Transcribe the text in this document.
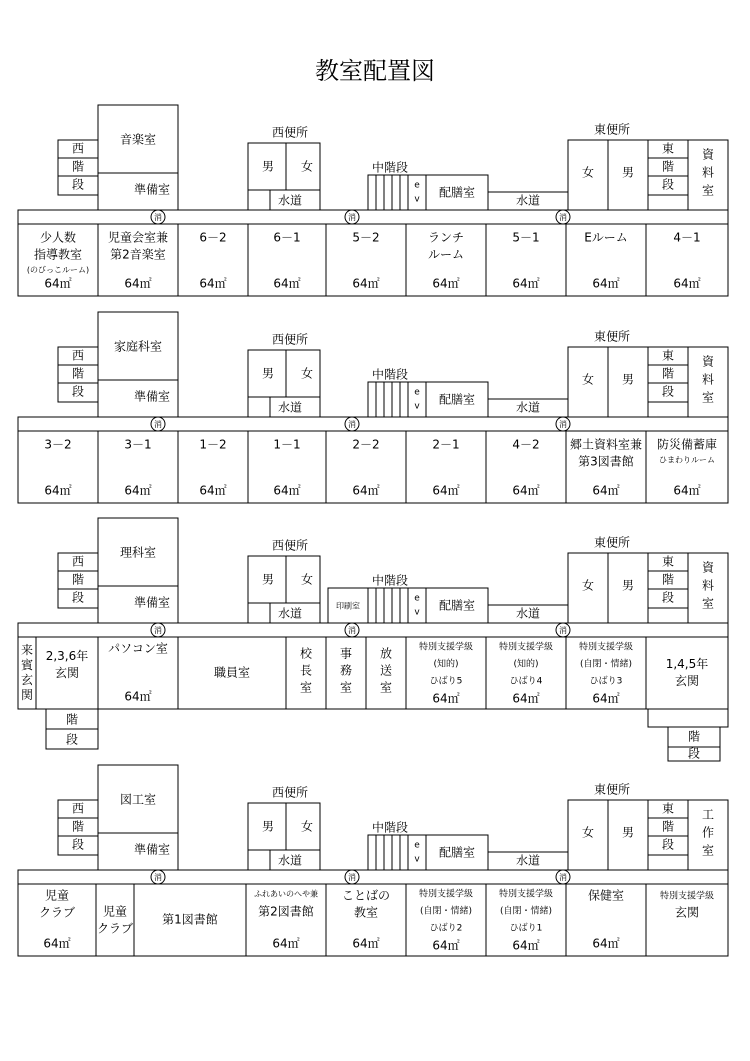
教室配置図
西
階
段
音楽室
準備室
西便所
男 女
水道
中階段
e
v 配膳室
水道
東便所
女 男
東
階
段
資
料
室
消	消	消
少人数
指導教室
(のびっこルーム)
64㎡
児童会室兼
第2音楽室
64㎡
6－2
64㎡
6－1
64㎡
5－2
64㎡
ランチ
ルーム
64㎡
5－1
64㎡
Eルーム
64㎡
4－1
64㎡
西
階
段
家庭科室
準備室
西便所
男 女
水道
中階段
e
v 配膳室
水道
東便所
女 男
東
階
段
資
料
室
消	消	消
3－2
64㎡
3－1
64㎡
1－2
64㎡
1－1
64㎡
2－2
64㎡
2－1
64㎡
4－2
64㎡
郷土資料室兼
第3図書館
64㎡
防災備蓄庫
ひまわりルーム
64㎡
西
階
段
理科室
準備室
西便所
男 女
水道
中階段
印刷室
e
v 配膳室
水道
東便所
女 男
東
階
段
資
料
室
消	消	消
来
賓
玄
関
2,3,6年
玄関
パソコン室
64㎡
職員室
校
長
室
事
務
室
放
送
室
特別支援学級
(知的)
ひばり5
64㎡
特別支援学級
(知的)
ひばり4
64㎡
特別支援学級
(自閉・情緒)
ひばり3
64㎡
1,4,5年
玄関
階
段	階
段
西
階
段
図工室
準備室
西便所
男 女
水道
中階段
e
v 配膳室
水道
東便所
女 男
東
階
段
工
作
室
消	消	消
児童
クラブ
64㎡
児童
クラブ
第1図書館
ふれあいのへや兼
第2図書館
64㎡
ことばの
教室
64㎡
特別支援学級
(自閉・情緒)
ひばり2
64㎡
特別支援学級
(自閉・情緒)
ひばり1
64㎡
保健室
64㎡
特別支援学級
玄関
